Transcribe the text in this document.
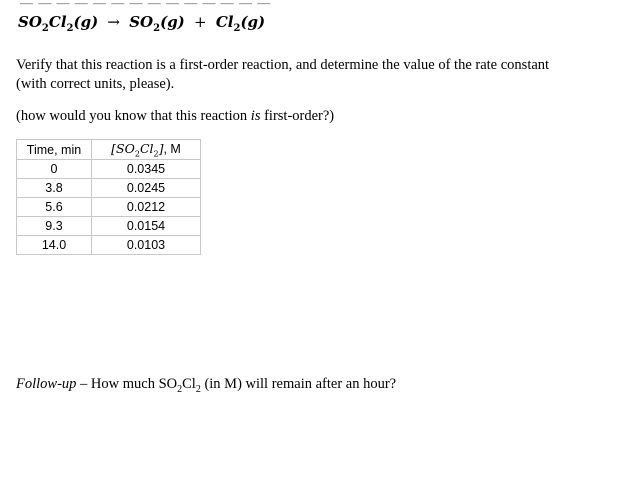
— — — — — — — — — — — — — —
$SO_2Cl_2(g) \to SO_2(g) + Cl_2(g)$
Verify that this reaction is a first-order reaction, and determine the value of the rate constant
(with correct units, please).
(how would you know that this reaction is first-order?)
Time, min	$[SO_2Cl_2]$, M
0	0.0345
3.8	0.0245
5.6	0.0212
9.3	0.0154
14.0	0.0103
Follow-up – How much $SO_2Cl_2$ (in M) will remain after an hour?
